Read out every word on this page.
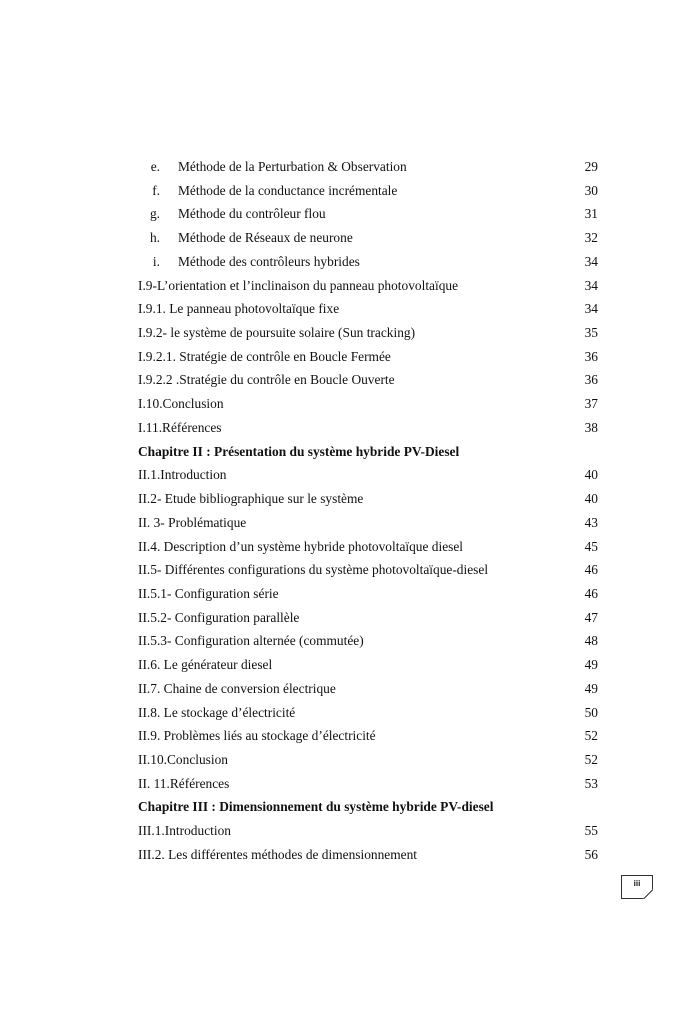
e. Méthode de la Perturbation & Observation	29
f. Méthode de la conductance incrémentale	30
g. Méthode du contrôleur flou	31
h. Méthode de Réseaux de neurone	32
i. Méthode des contrôleurs hybrides	34
I.9-L’orientation et l’inclinaison du panneau photovoltaïque	34
I.9.1. Le panneau photovoltaïque fixe	34
I.9.2- le système de poursuite solaire (Sun tracking)	35
I.9.2.1. Stratégie de contrôle en Boucle Fermée	36
I.9.2.2 .Stratégie du contrôle en Boucle Ouverte	36
I.10.Conclusion	37
I.11.Références	38
Chapitre II : Présentation du système hybride PV-Diesel
II.1.Introduction	40
II.2- Etude bibliographique sur le système	40
II. 3- Problématique	43
II.4. Description d’un système hybride photovoltaïque diesel	45
II.5- Différentes configurations du système photovoltaïque-diesel	46
II.5.1- Configuration série	46
II.5.2- Configuration parallèle	47
II.5.3- Configuration alternée (commutée)	48
II.6. Le générateur diesel	49
II.7. Chaine de conversion électrique	49
II.8. Le stockage d’électricité	50
II.9. Problèmes liés au stockage d’électricité	52
II.10.Conclusion	52
II. 11.Références	53
Chapitre III : Dimensionnement du système hybride PV-diesel
III.1.Introduction	55
III.2. Les différentes méthodes de dimensionnement	56
iii
